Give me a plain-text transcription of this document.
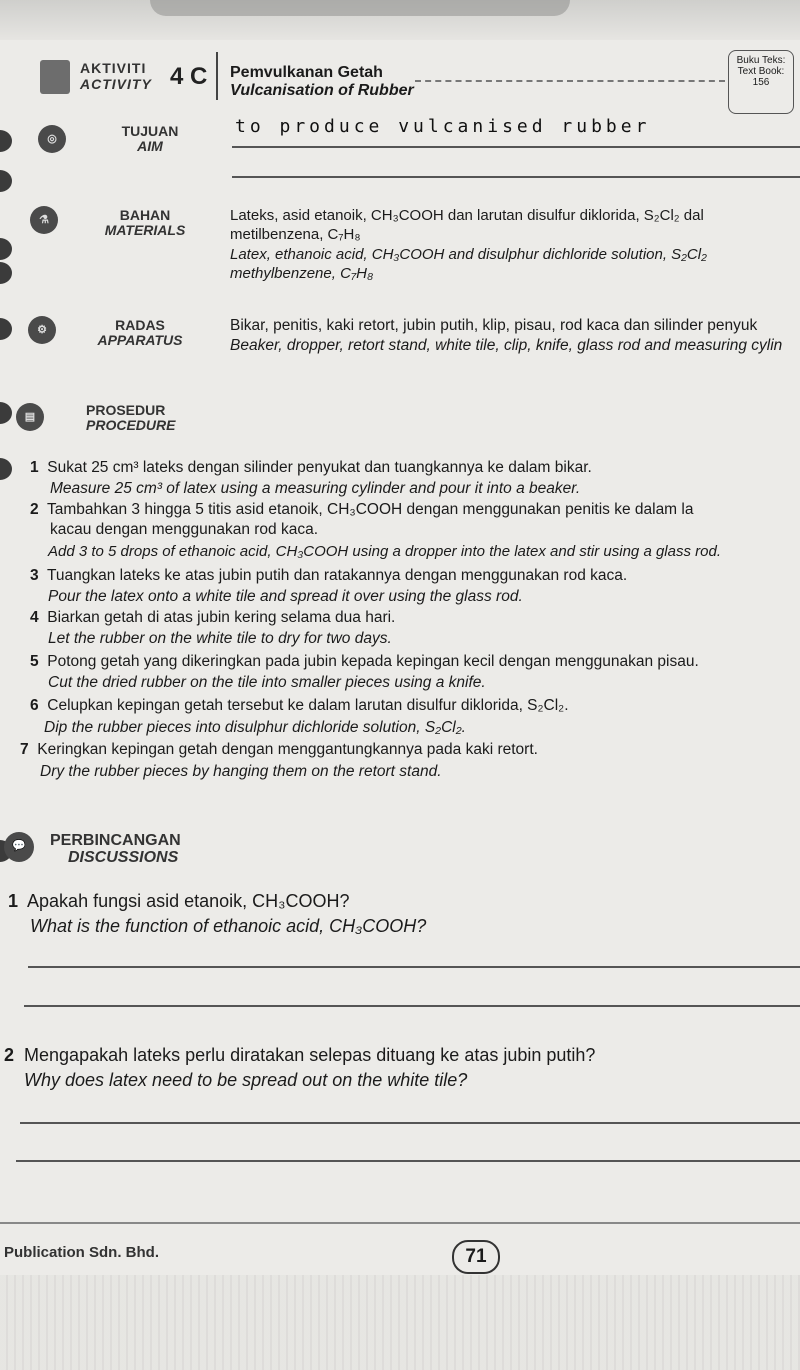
AKTIVITI
ACTIVITY 4 C Pemvulkanan Getah
Vulcanisation of Rubber
Buku Teks:
Text Book:
156
◎	TUJUAN
AIM
to produce vulcanised rubber
⚗	BAHAN
MATERIALS
Lateks, asid etanoik, CH₃COOH dan larutan disulfur diklorida, S₂Cl₂ dal
metilbenzena, C₇H₈
Latex, ethanoic acid, CH₃COOH and disulphur dichloride solution, S₂Cl₂
methylbenzene, C₇H₈
⚙	RADAS
APPARATUS
Bikar, penitis, kaki retort, jubin putih, klip, pisau, rod kaca dan silinder penyuk
Beaker, dropper, retort stand, white tile, clip, knife, glass rod and measuring cylin
▤	PROSEDUR
PROCEDURE
1 Sukat 25 cm³ lateks dengan silinder penyukat dan tuangkannya ke dalam bikar.
Measure 25 cm³ of latex using a measuring cylinder and pour it into a beaker.
2 Tambahkan 3 hingga 5 titis asid etanoik, CH₃COOH dengan menggunakan penitis ke dalam la
kacau dengan menggunakan rod kaca.
Add 3 to 5 drops of ethanoic acid, CH₃COOH using a dropper into the latex and stir using a glass rod.
3 Tuangkan lateks ke atas jubin putih dan ratakannya dengan menggunakan rod kaca.
Pour the latex onto a white tile and spread it over using the glass rod.
4 Biarkan getah di atas jubin kering selama dua hari.
Let the rubber on the white tile to dry for two days.
5 Potong getah yang dikeringkan pada jubin kepada kepingan kecil dengan menggunakan pisau.
Cut the dried rubber on the tile into smaller pieces using a knife.
6 Celupkan kepingan getah tersebut ke dalam larutan disulfur diklorida, S₂Cl₂.
Dip the rubber pieces into disulphur dichloride solution, S₂Cl₂.
7 Keringkan kepingan getah dengan menggantungkannya pada kaki retort.
Dry the rubber pieces by hanging them on the retort stand.
💬	PERBINCANGAN
DISCUSSIONS
1 Apakah fungsi asid etanoik, CH₃COOH?
What is the function of ethanoic acid, CH₃COOH?
2 Mengapakah lateks perlu diratakan selepas dituang ke atas jubin putih?
Why does latex need to be spread out on the white tile?
Publication Sdn. Bhd.	71
